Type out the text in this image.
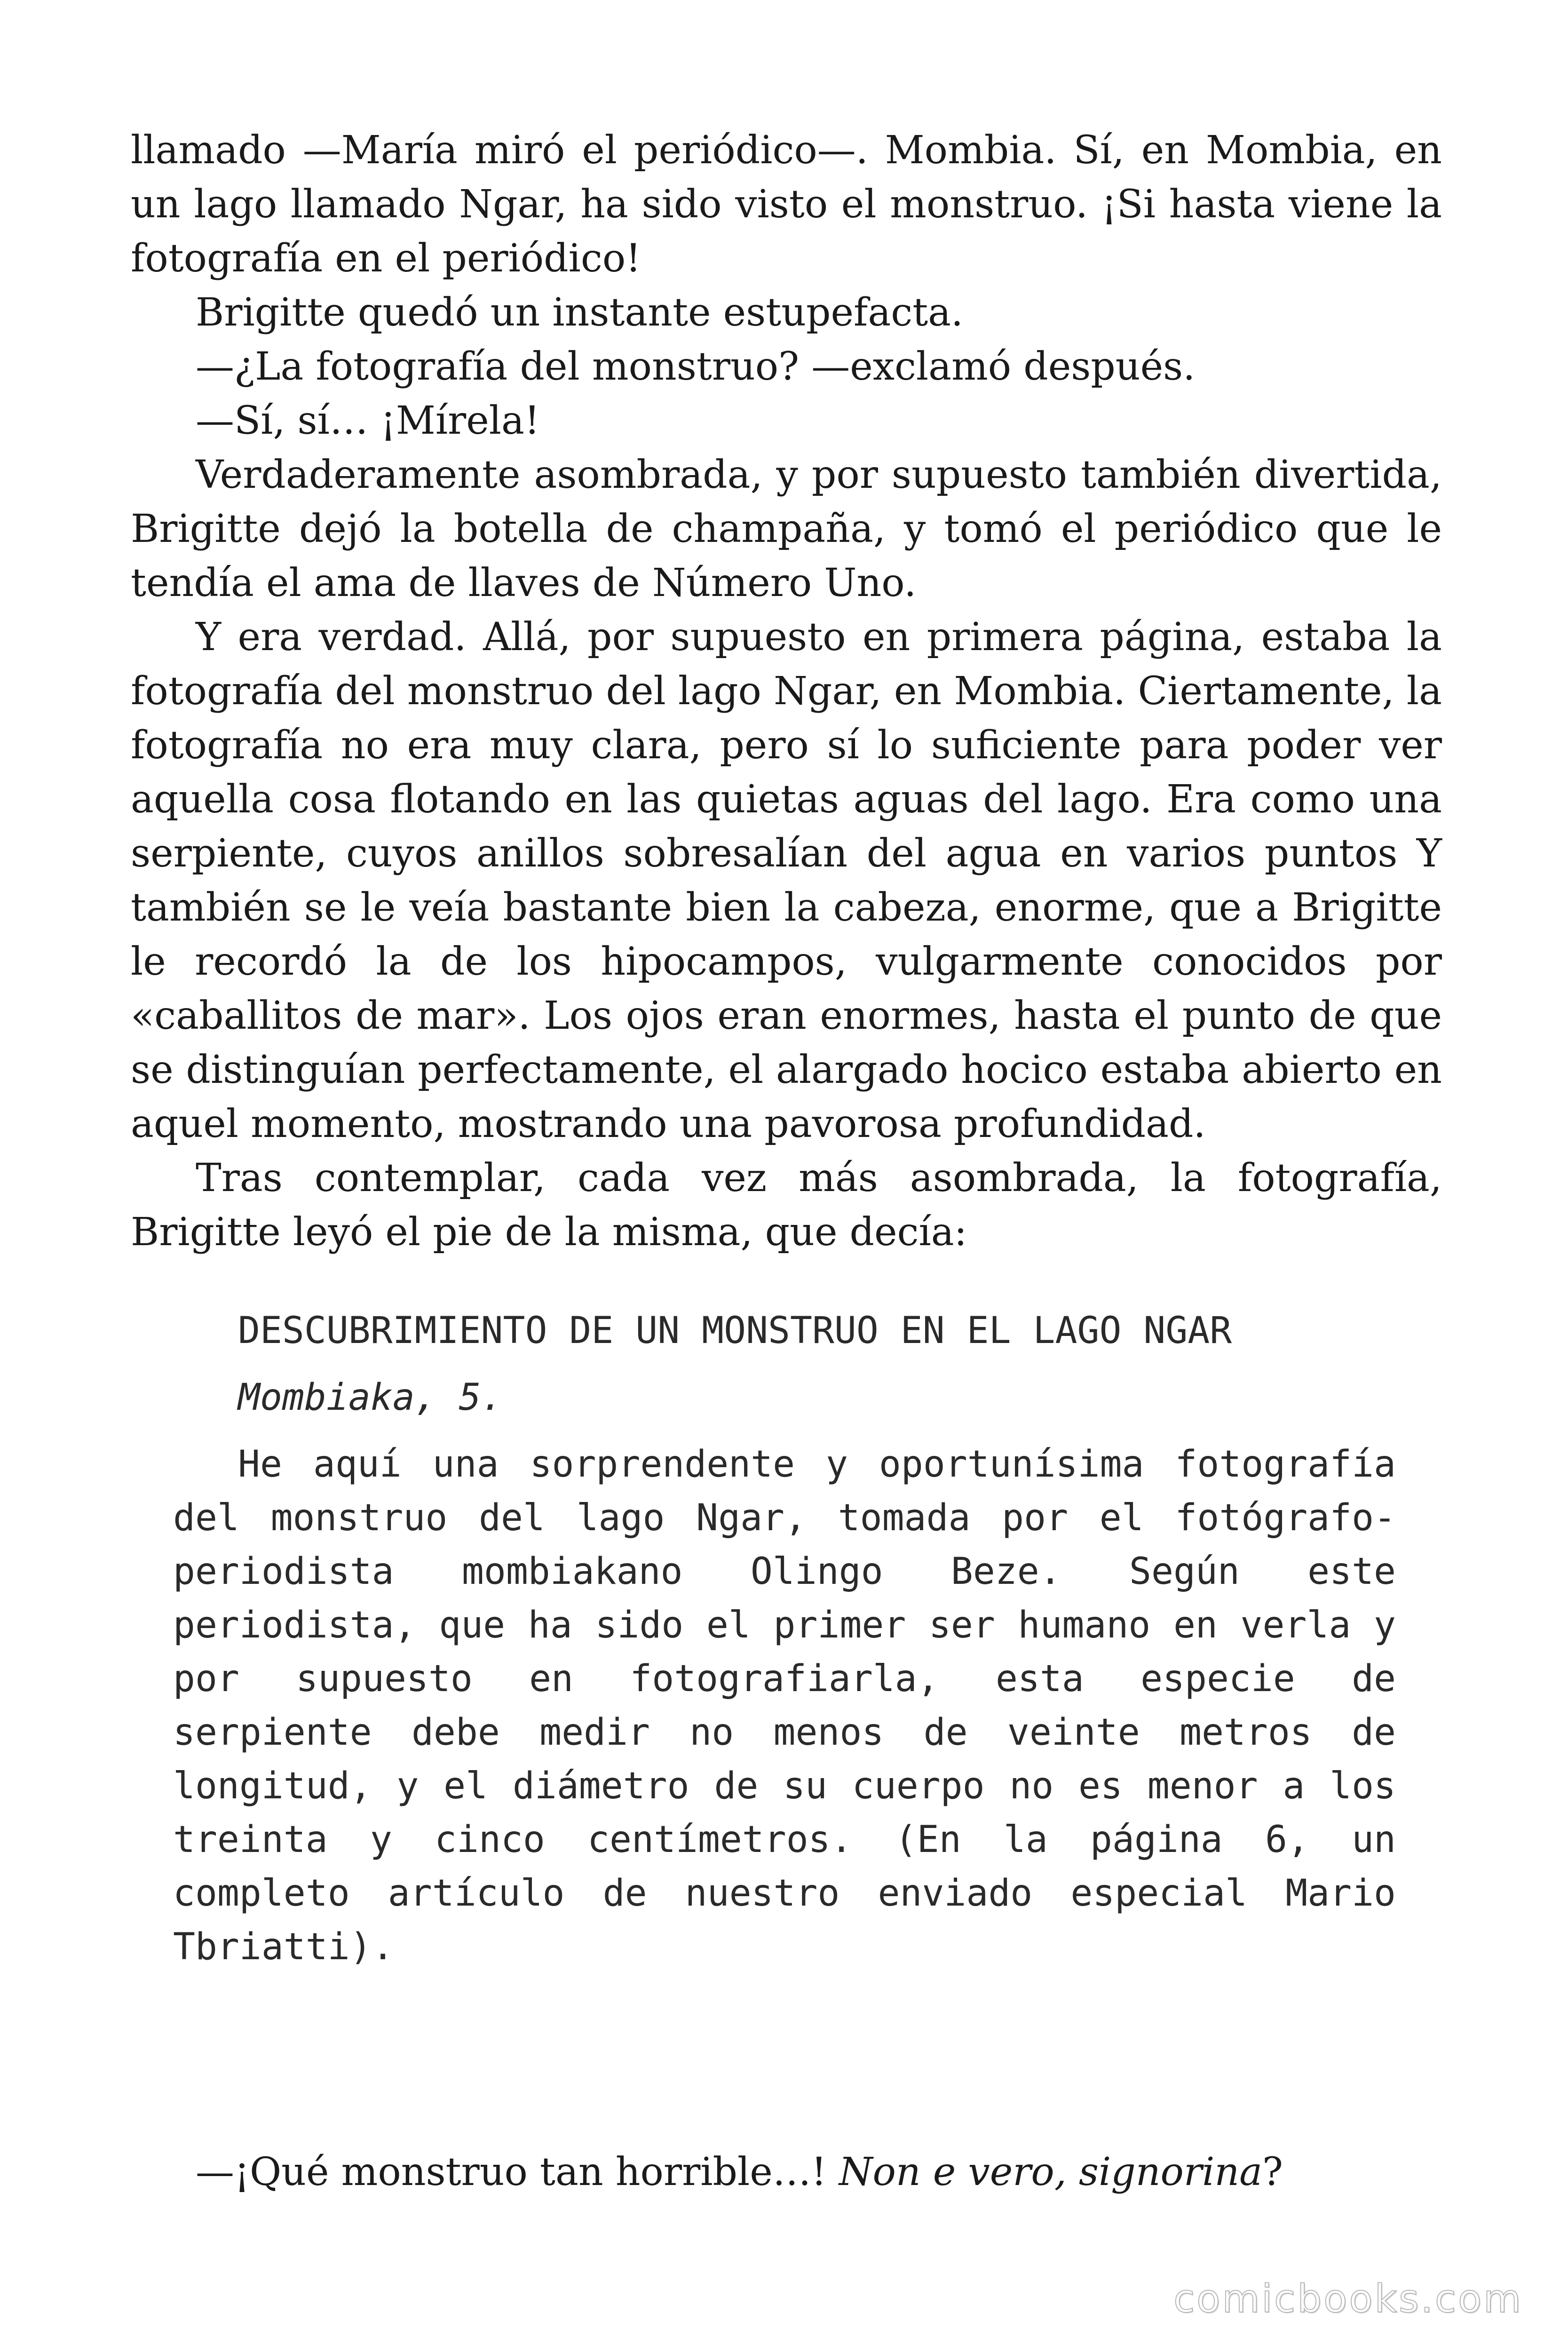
llamado —María miró el periódico—. Mombia. Sí, en Mombia, en un lago llamado Ngar, ha sido visto el monstruo. ¡Si hasta viene la fotografía en el periódico!

Brigitte quedó un instante estupefacta.

—¿La fotografía del monstruo? —exclamó después.

—Sí, sí… ¡Mírela!

Verdaderamente asombrada, y por supuesto también divertida, Brigitte dejó la botella de champaña, y tomó el periódico que le tendía el ama de llaves de Número Uno.

Y era verdad. Allá, por supuesto en primera página, estaba la fotografía del monstruo del lago Ngar, en Mombia. Ciertamente, la fotografía no era muy clara, pero sí lo suficiente para poder ver aquella cosa flotando en las quietas aguas del lago. Era como una serpiente, cuyos anillos sobresalían del agua en varios puntos Y también se le veía bastante bien la cabeza, enorme, que a Brigitte le recordó la de los hipocampos, vulgarmente conocidos por «caballitos de mar». Los ojos eran enormes, hasta el punto de que se distinguían perfectamente, el alargado hocico estaba abierto en aquel momento, mostrando una pavorosa profundidad.

Tras contemplar, cada vez más asombrada, la fotografía, Brigitte leyó el pie de la misma, que decía:

DESCUBRIMIENTO DE UN MONSTRUO EN EL LAGO NGAR

Mombiaka, 5.

He aquí una sorprendente y oportunísima fotografía del monstruo del lago Ngar, tomada por el fotógrafo-periodista mombiakano Olingo Beze. Según este periodista, que ha sido el primer ser humano en verla y por supuesto en fotografiarla, esta especie de serpiente debe medir no menos de veinte metros de longitud, y el diámetro de su cuerpo no es menor a los treinta y cinco centímetros. (En la página 6, un completo artículo de nuestro enviado especial Mario Tbriatti).

—¡Qué monstruo tan horrible…! Non e vero, signorina?
comicbooks.com
